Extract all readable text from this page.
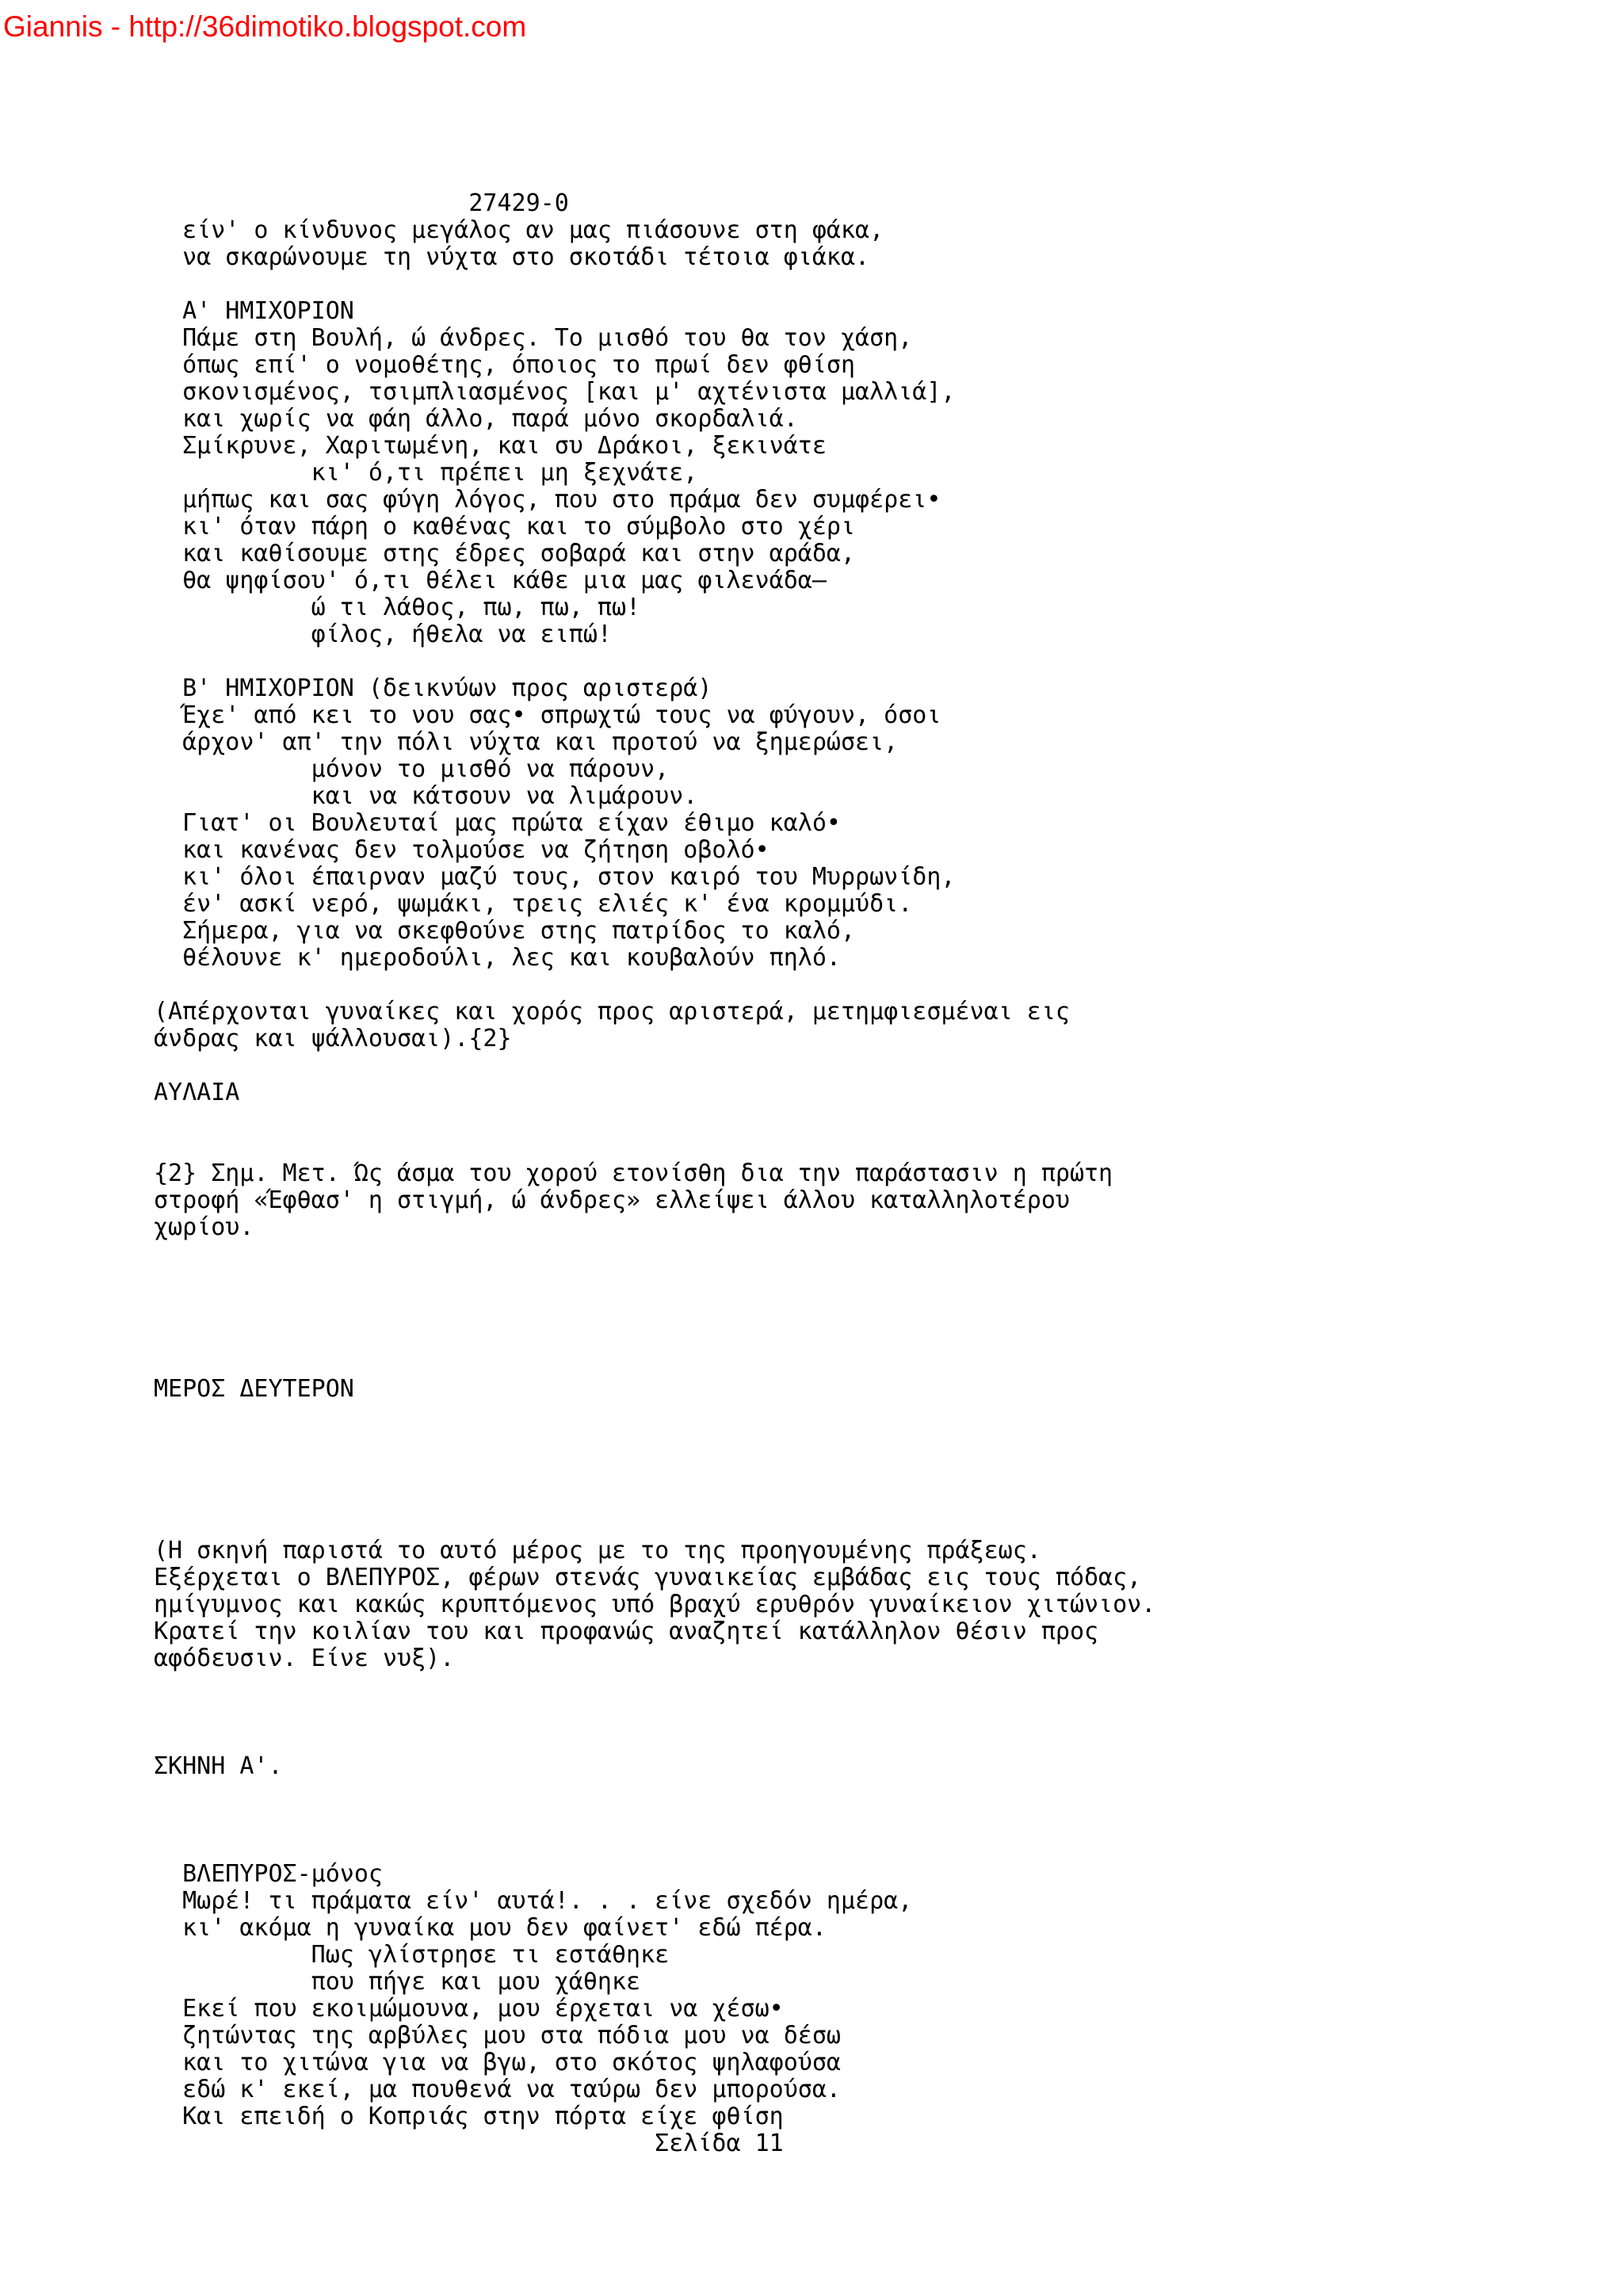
Giannis - http://36dimotiko.blogspot.com

27429-0
είν' ο κίνδυνος μεγάλος αν μας πιάσουνε στη φάκα,
να σκαρώνουμε τη νύχτα στο σκοτάδι τέτοια φιάκα.
Α' ΗΜΙΧΟΡΙΟΝ
Πάμε στη Βουλή, ώ άνδρες. Το μισθό του θα τον χάση,
όπως επί' ο νομοθέτης, όποιος το πρωί δεν φθίση
σκονισμένος, τσιμπλιασμένος [και μ' αχτένιστα μαλλιά],
και χωρίς να φάη άλλο, παρά μόνο σκορδαλιά.
Σμίκρυνε, Χαριτωμένη, και συ Δράκοι, ξεκινάτε
κι' ό,τι πρέπει μη ξεχνάτε,
μήπως και σας φύγη λόγος, που στο πράμα δεν συμφέρει•
κι' όταν πάρη ο καθένας και το σύμβολο στο χέρι
και καθίσουμε στης έδρες σοβαρά και στην αράδα,
θα ψηφίσου' ό,τι θέλει κάθε μια μας φιλενάδα—
ώ τι λάθος, πω, πω, πω!
φίλος, ήθελα να ειπώ!
Β' ΗΜΙΧΟΡΙΟΝ (δεικνύων προς αριστερά)
Έχε' από κει το νου σας• σπρωχτώ τους να φύγουν, όσοι
άρχον' απ' την πόλι νύχτα και προτού να ξημερώσει,
μόνον το μισθό να πάρουν,
και να κάτσουν να λιμάρουν.
Γιατ' οι Βουλευταί μας πρώτα είχαν έθιμο καλό•
και κανένας δεν τολμούσε να ζήτηση οβολό•
κι' όλοι έπαιρναν μαζύ τους, στον καιρό του Μυρρωνίδη,
έν' ασκί νερό, ψωμάκι, τρεις ελιές κ' ένα κρομμύδι.
Σήμερα, για να σκεφθούνε στης πατρίδος το καλό,
θέλουνε κ' ημεροδούλι, λες και κουβαλούν πηλό.
(Απέρχονται γυναίκες και χορός προς αριστερά, μετημφιεσμέναι εις
άνδρας και ψάλλουσαι).{2}
ΑΥΛΑΙΑ
{2} Σημ. Μετ. Ώς άσμα του χορού ετονίσθη δια την παράστασιν η πρώτη
στροφή «Έφθασ' η στιγμή, ώ άνδρες» ελλείψει άλλου καταλληλοτέρου
χωρίου.
ΜΕΡΟΣ ΔΕΥΤΕΡΟΝ
(Η σκηνή παριστά το αυτό μέρος με το της προηγουμένης πράξεως.
Εξέρχεται ο ΒΛΕΠΥΡΟΣ, φέρων στενάς γυναικείας εμβάδας εις τους πόδας,
ημίγυμνος και κακώς κρυπτόμενος υπό βραχύ ερυθρόν γυναίκειον χιτώνιον.
Κρατεί την κοιλίαν του και προφανώς αναζητεί κατάλληλον θέσιν προς
αφόδευσιν. Είνε νυξ).
ΣΚΗΝΗ Α'.
ΒΛΕΠΥΡΟΣ-μόνος
Μωρέ! τι πράματα είν' αυτά!. . . είνε σχεδόν ημέρα,
κι' ακόμα η γυναίκα μου δεν φαίνετ' εδώ πέρα.
Πως γλίστρησε τι εστάθηκε
που πήγε και μου χάθηκε
Εκεί που εκοιμώμουνα, μου έρχεται να χέσω•
ζητώντας της αρβύλες μου στα πόδια μου να δέσω
και το χιτώνα για να βγω, στο σκότος ψηλαφούσα
εδώ κ' εκεί, μα πουθενά να ταύρω δεν μπορούσα.
Και επειδή ο Κοπριάς στην πόρτα είχε φθίση
Σελίδα 11
